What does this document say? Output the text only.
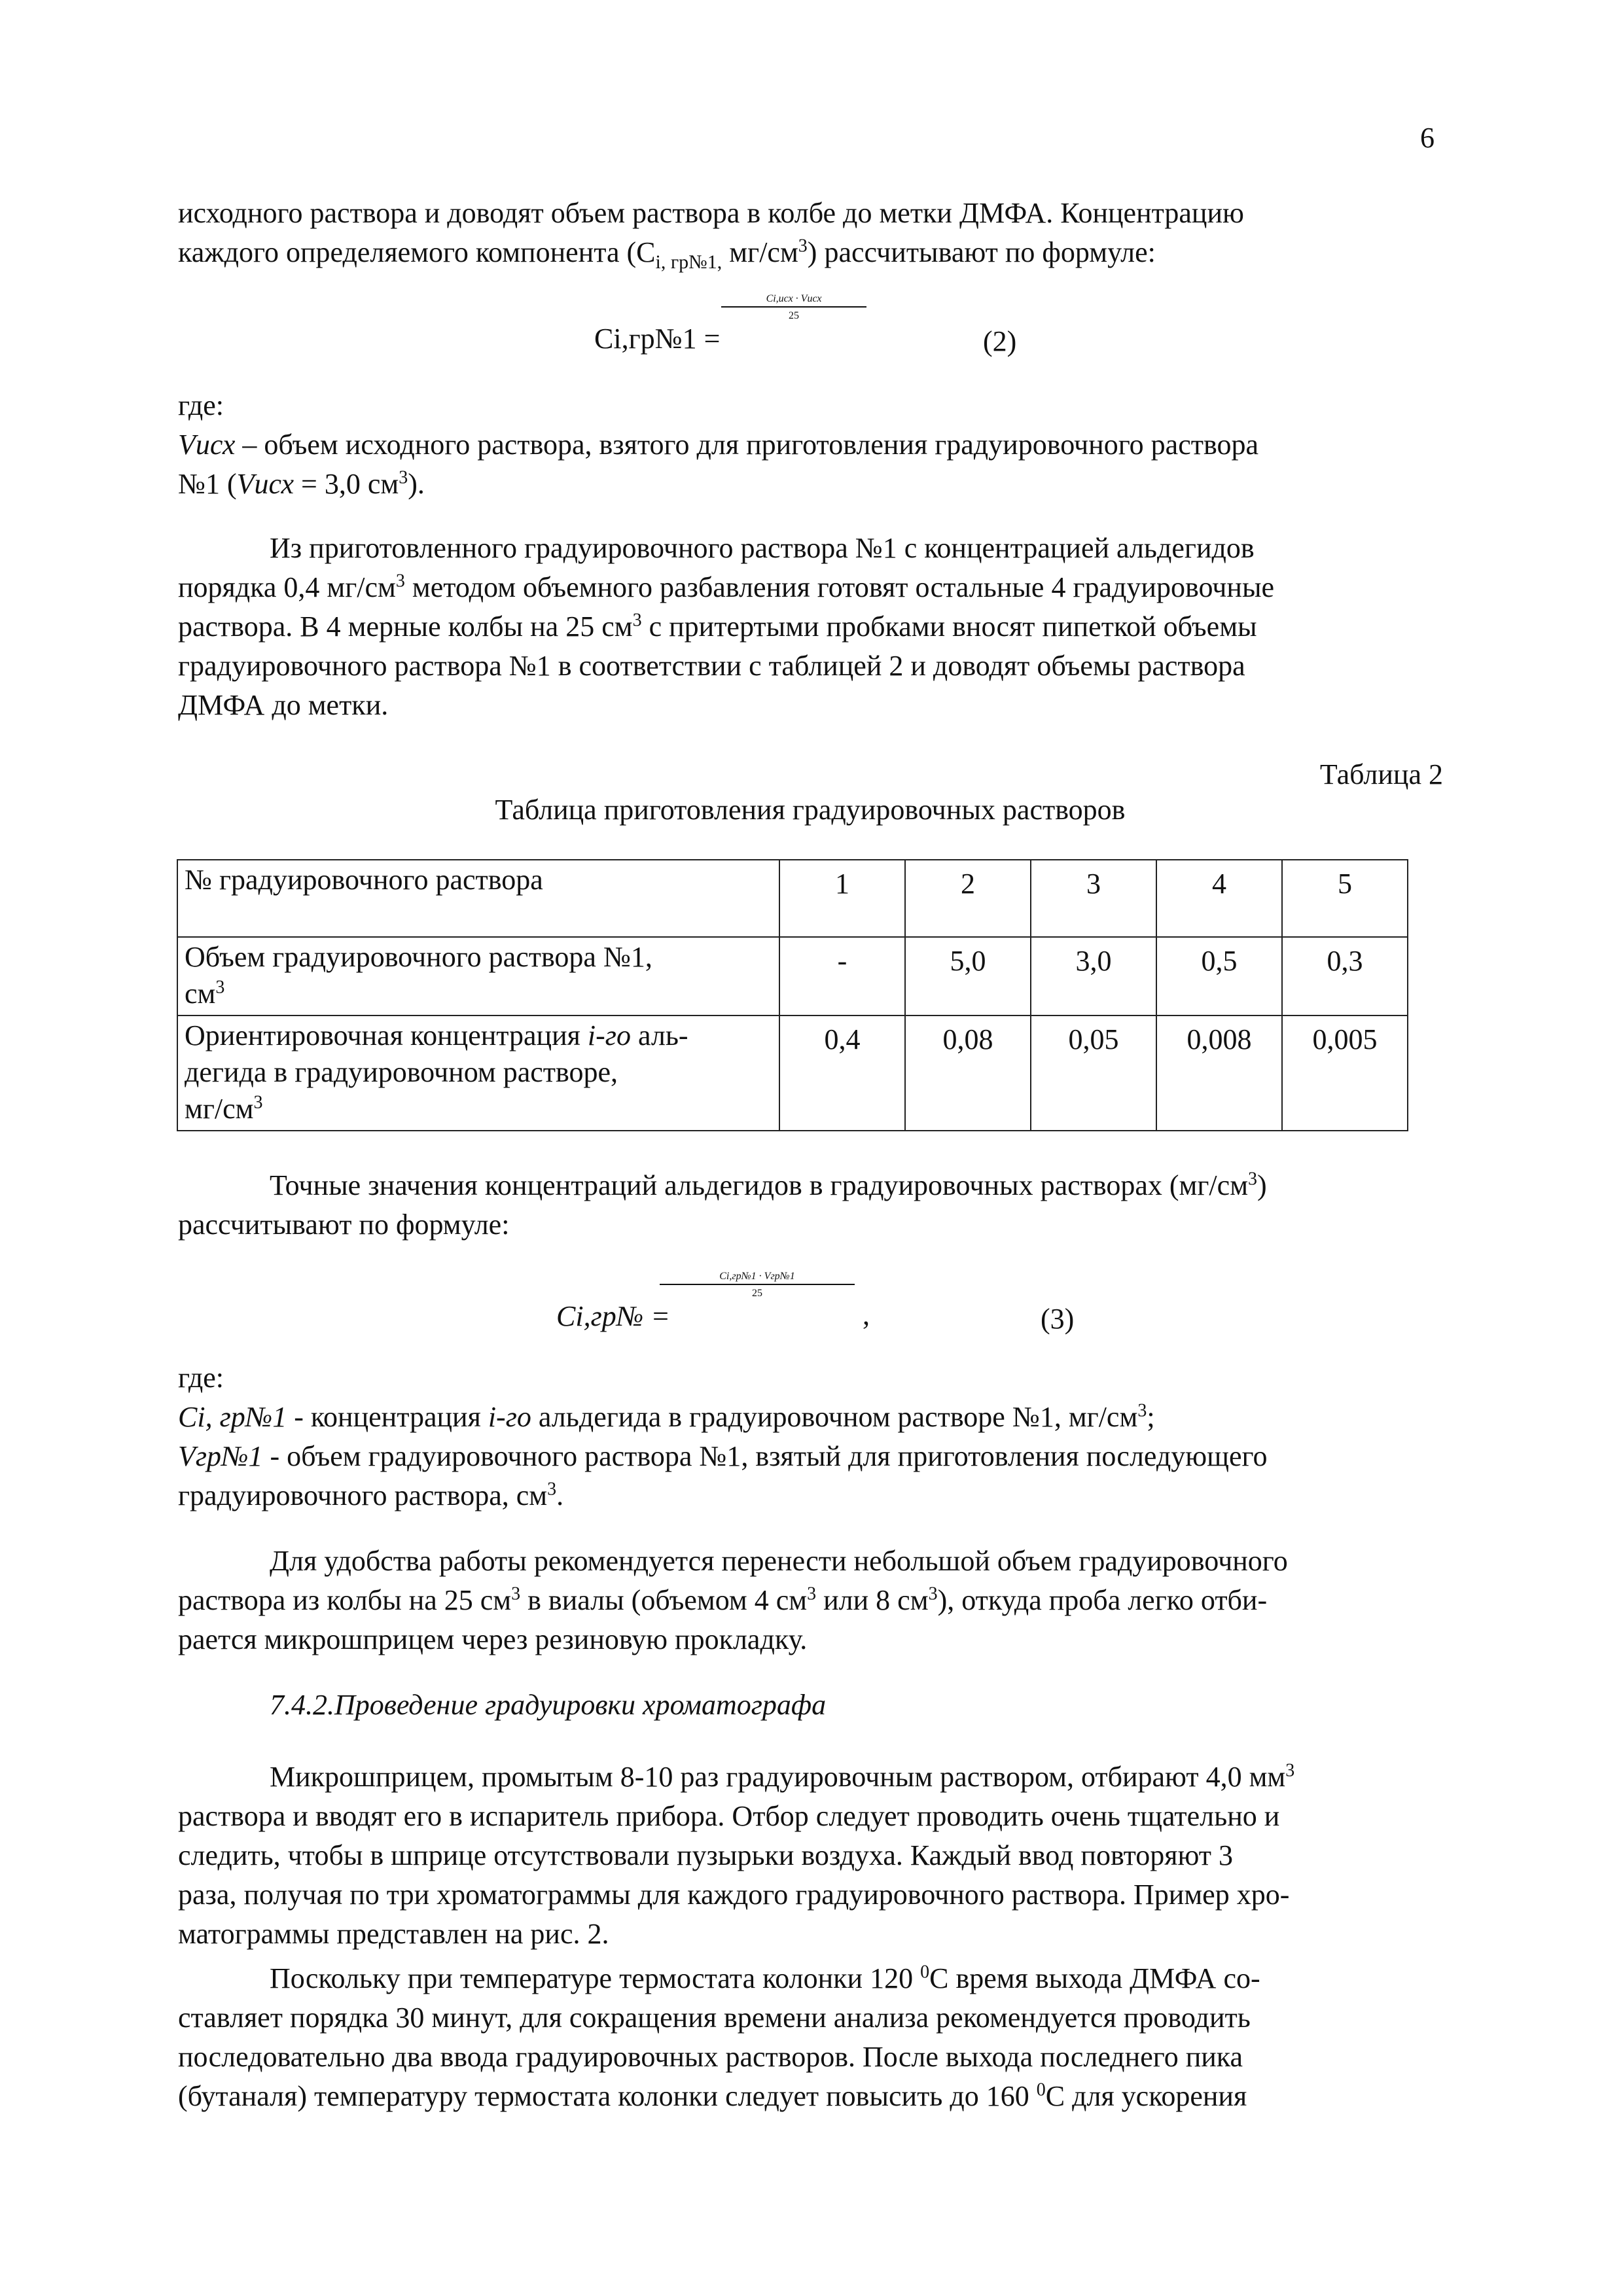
6

исходного раствора и доводят объем раствора в колбе до метки ДМФА. Концентрацию

каждого определяемого компонента ($C_{i, гр№1,}$ $мг/см^3$) рассчитывают по формуле:

Ci,гр№1 =
Ci,исх · Vисх
25
(2)

где:

Vисх – объем исходного раствора, взятого для приготовления градуировочного раствора

№1 (Vисх = 3,0 $см^3$).

Из приготовленного градуировочного раствора №1 с концентрацией альдегидов

порядка 0,4 $мг/см^3$ методом объемного разбавления готовят остальные 4 градуировочные

раствора. В 4 мерные колбы на 25 $см^3$ с притертыми пробками вносят пипеткой объемы

градуировочного раствора №1 в соответствии с таблицей 2 и доводят объемы раствора

ДМФА до метки.

Таблица 2
Таблица приготовления градуировочных растворов
№ градуировочного раствора	1	2	3	4	5
Объем градуировочного раствора №1,
$см^3$	-	5,0	3,0	0,5	0,3
Ориентировочная концентрация i-го аль-
дегида в градуировочном растворе,
$мг/см^3$	0,4	0,08	0,05	0,008	0,005

Точные значения концентраций альдегидов в градуировочных растворах $(мг/см^3)$

рассчитывают по формуле:

Ci,гр№ =
Ci,гр№1 · Vгр№1
25
,	(3)

где:

Ci, гр№1 - концентрация i-го альдегида в градуировочном растворе №1, $мг/см^3$;

Vгр№1 - объем градуировочного раствора №1, взятый для приготовления последующего

градуировочного раствора, $см^3$.

Для удобства работы рекомендуется перенести небольшой объем градуировочного

раствора из колбы на 25 $см^3$ в виалы (объемом 4 $см^3$ или 8 $см^3$), откуда проба легко отби-

рается микрошприцем через резиновую прокладку.

7.4.2.Проведение градуировки хроматографа

Микрошприцем, промытым 8-10 раз градуировочным раствором, отбирают 4,0 $мм^3$

раствора и вводят его в испаритель прибора. Отбор следует проводить очень тщательно и

следить, чтобы в шприце отсутствовали пузырьки воздуха. Каждый ввод повторяют 3

раза, получая по три хроматограммы для каждого градуировочного раствора. Пример хро-

матограммы представлен на рис. 2.

Поскольку при температуре термостата колонки 120 $^0$С время выхода ДМФА со-

ставляет порядка 30 минут, для сокращения времени анализа рекомендуется проводить

последовательно два ввода градуировочных растворов. После выхода последнего пика

(бутаналя) температуру термостата колонки следует повысить до 160 $^0$С для ускорения
